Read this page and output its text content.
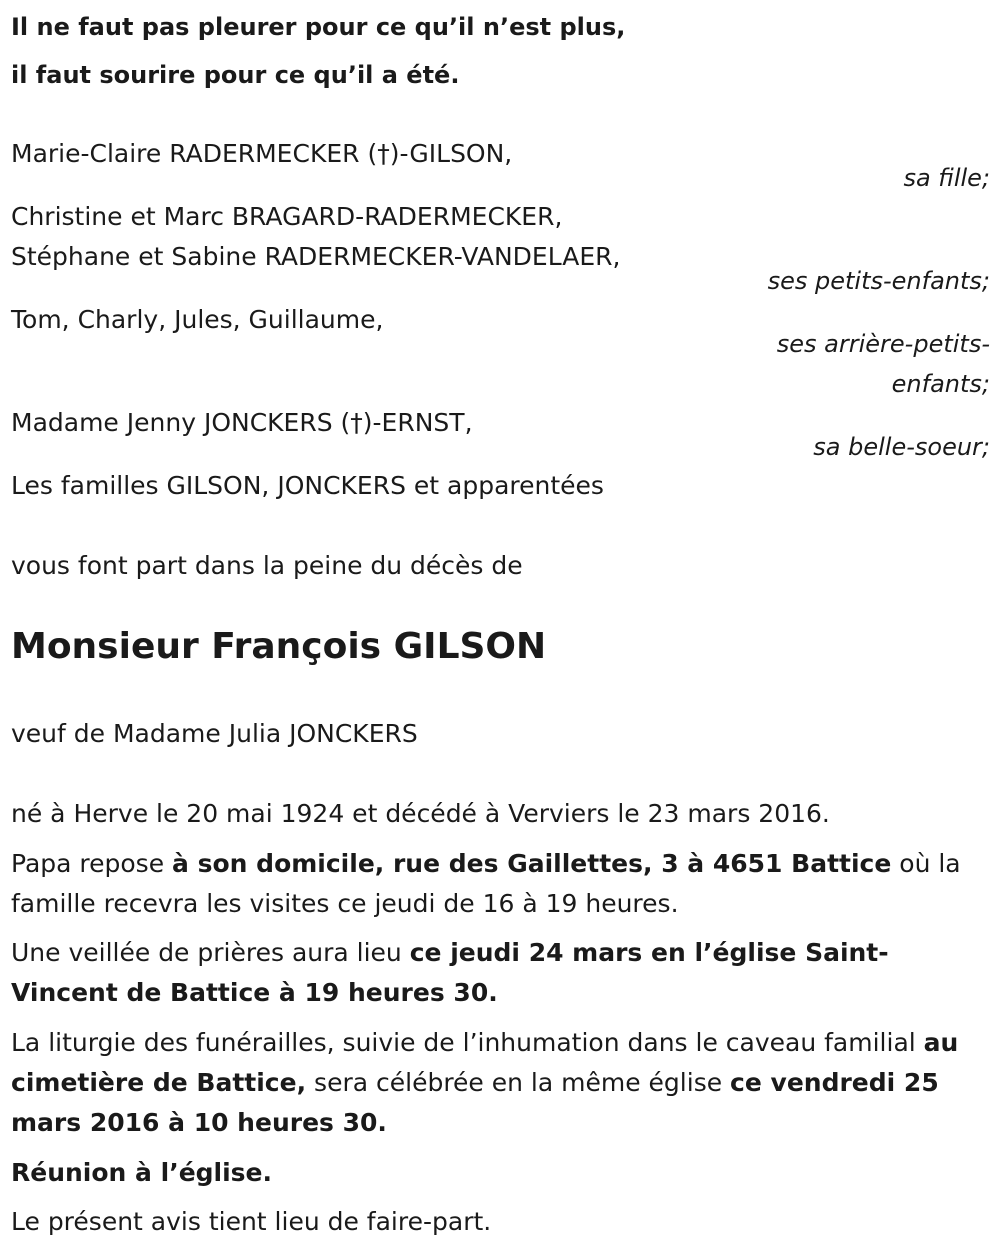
Il ne faut pas pleurer pour ce qu’il n’est plus,
il faut sourire pour ce qu’il a été.
Marie-Claire RADERMECKER (†)-GILSON,
sa fille;
Christine et Marc BRAGARD-RADERMECKER,
Stéphane et Sabine RADERMECKER-VANDELAER,
ses petits-enfants;
Tom, Charly, Jules, Guillaume,
ses arrière-petits-
enfants;
Madame Jenny JONCKERS (†)-ERNST,
sa belle-soeur;
Les familles GILSON, JONCKERS et apparentées
vous font part dans la peine du décès de
Monsieur François GILSON
veuf de Madame Julia JONCKERS
né à Herve le 20 mai 1924 et décédé à Verviers le 23 mars 2016.
Papa repose à son domicile, rue des Gaillettes, 3 à 4651 Battice où la famille recevra les visites ce jeudi de 16 à 19 heures.
Une veillée de prières aura lieu ce jeudi 24 mars en l’église Saint-Vincent de Battice à 19 heures 30.
La liturgie des funérailles, suivie de l’inhumation dans le caveau familial au cimetière de Battice, sera célébrée en la même église ce vendredi 25 mars 2016 à 10 heures 30.
Réunion à l’église.
Le présent avis tient lieu de faire-part.
